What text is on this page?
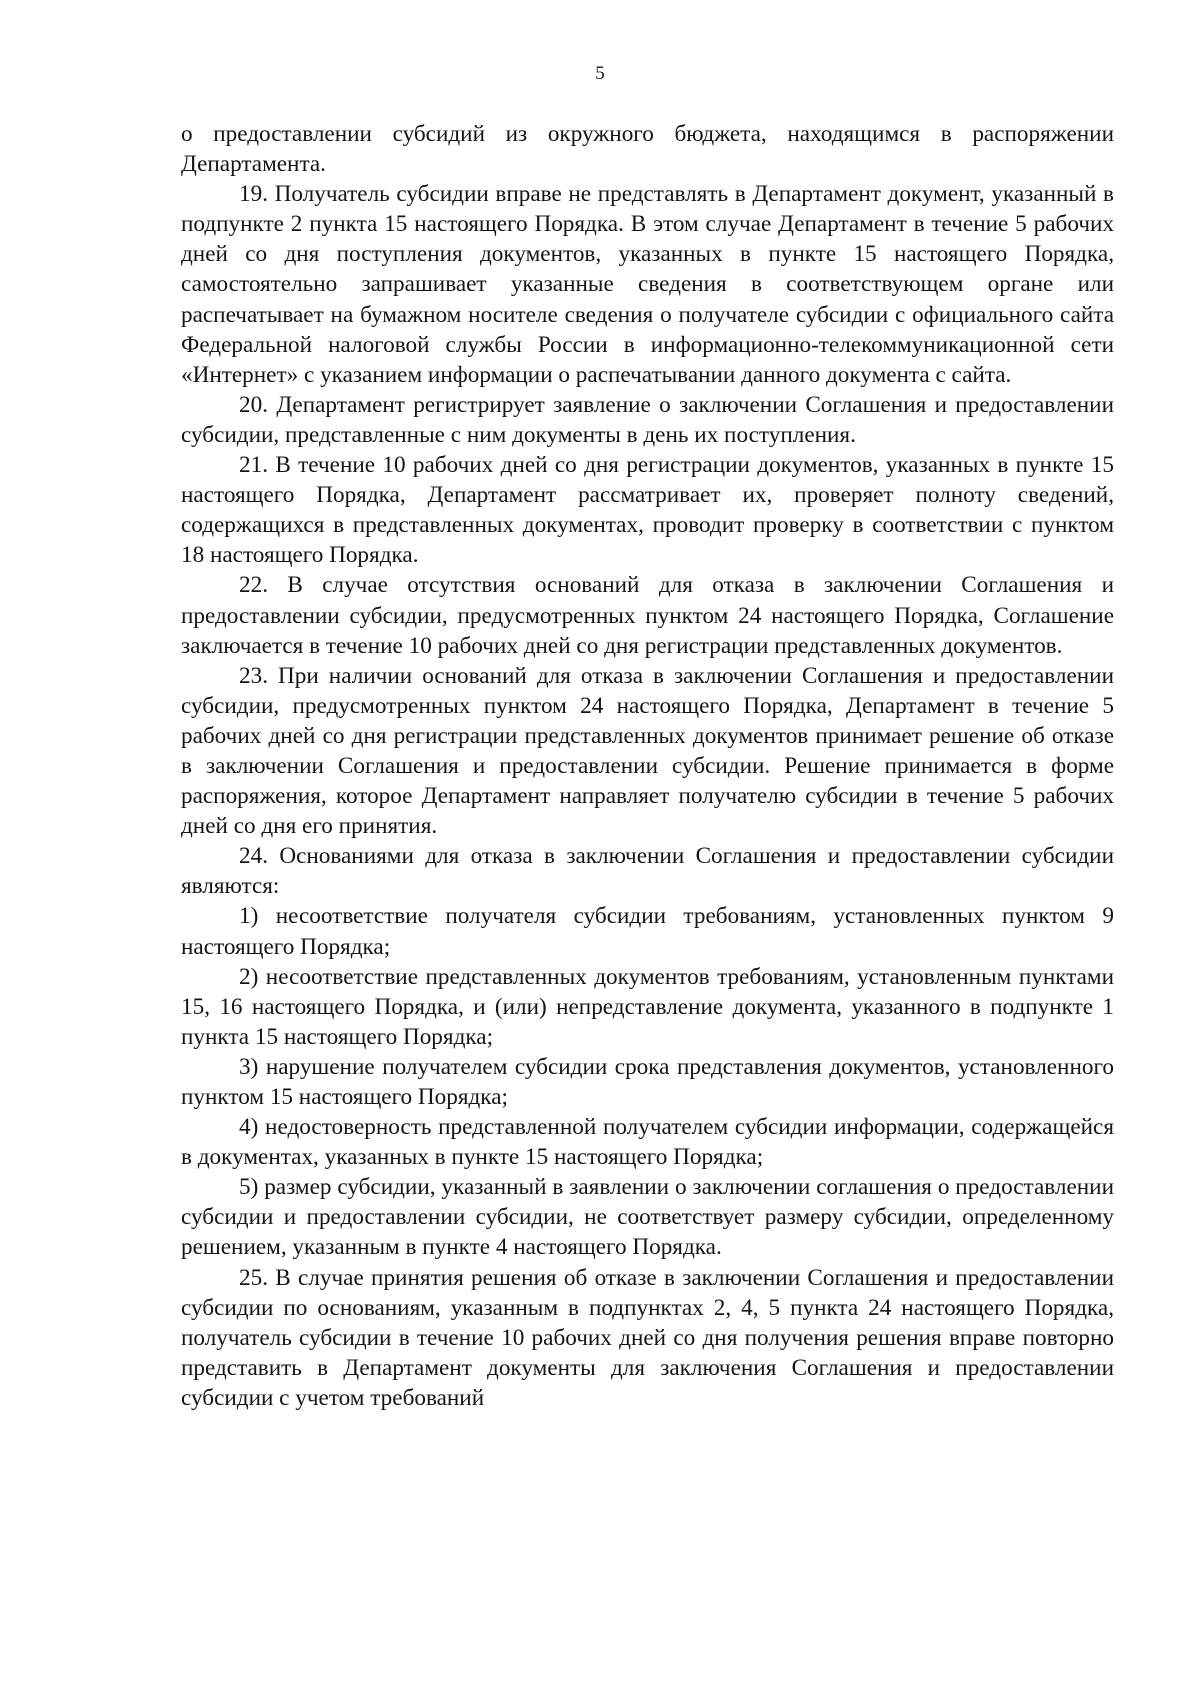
5

о предоставлении субсидий из окружного бюджета, находящимся в распоряжении Департамента.

19. Получатель субсидии вправе не представлять в Департамент документ, указанный в подпункте 2 пункта 15 настоящего Порядка. В этом случае Департамент в течение 5 рабочих дней со дня поступления документов, указанных в пункте 15 настоящего Порядка, самостоятельно запрашивает указанные сведения в соответствующем органе или распечатывает на бумажном носителе сведения о получателе субсидии с официального сайта Федеральной налоговой службы России в информационно-телекоммуникационной сети «Интернет» с указанием информации о распечатывании данного документа с сайта.

20. Департамент регистрирует заявление о заключении Соглашения и предоставлении субсидии, представленные с ним документы в день их поступления.

21. В течение 10 рабочих дней со дня регистрации документов, указанных в пункте 15 настоящего Порядка, Департамент рассматривает их, проверяет полноту сведений, содержащихся в представленных документах, проводит проверку в соответствии с пунктом 18 настоящего Порядка.

22. В случае отсутствия оснований для отказа в заключении Соглашения и предоставлении субсидии, предусмотренных пунктом 24 настоящего Порядка, Соглашение заключается в течение 10 рабочих дней со дня регистрации представленных документов.

23. При наличии оснований для отказа в заключении Соглашения и предоставлении субсидии, предусмотренных пунктом 24 настоящего Порядка, Департамент в течение 5 рабочих дней со дня регистрации представленных документов принимает решение об отказе в заключении Соглашения и предоставлении субсидии. Решение принимается в форме распоряжения, которое Департамент направляет получателю субсидии в течение 5 рабочих дней со дня его принятия.

24. Основаниями для отказа в заключении Соглашения и предоставлении субсидии являются:

1) несоответствие получателя субсидии требованиям, установленных пунктом 9 настоящего Порядка;

2) несоответствие представленных документов требованиям, установленным пунктами 15, 16 настоящего Порядка, и (или) непредставление документа, указанного в подпункте 1 пункта 15 настоящего Порядка;

3) нарушение получателем субсидии срока представления документов, установленного пунктом 15 настоящего Порядка;

4) недостоверность представленной получателем субсидии информации, содержащейся в документах, указанных в пункте 15 настоящего Порядка;

5) размер субсидии, указанный в заявлении о заключении соглашения о предоставлении субсидии и предоставлении субсидии, не соответствует размеру субсидии, определенному решением, указанным в пункте 4 настоящего Порядка.

25. В случае принятия решения об отказе в заключении Соглашения и предоставлении субсидии по основаниям, указанным в подпунктах 2, 4, 5 пункта 24 настоящего Порядка, получатель субсидии в течение 10 рабочих дней со дня получения решения вправе повторно представить в Департамент документы для заключения Соглашения и предоставлении субсидии с учетом требований
